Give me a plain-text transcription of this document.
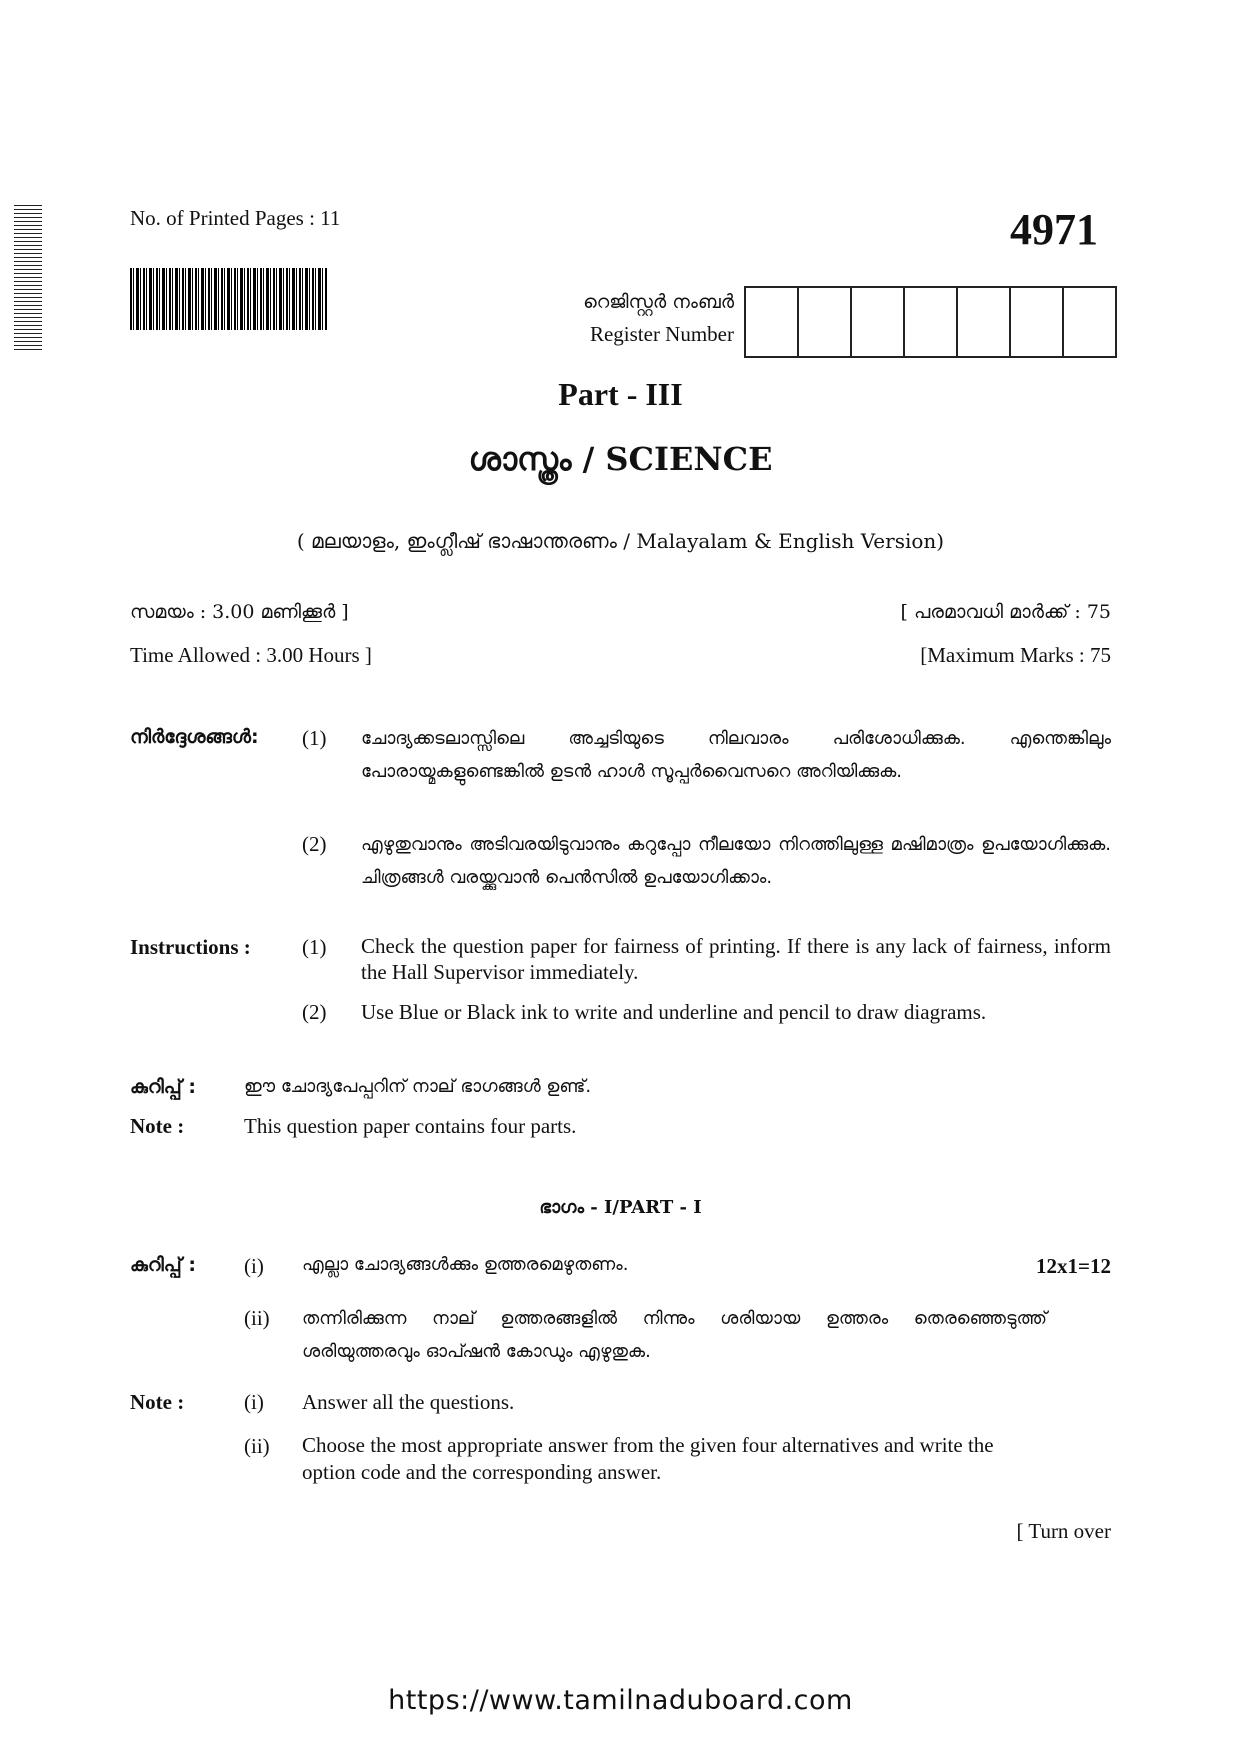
No. of Printed Pages : 11	4971
റെജിസ്റ്റർ നംബർ
Register Number
Part - III
ശാസ്ത്രം / SCIENCE
( മലയാളം, ഇംഗ്ലീഷ് ഭാഷാന്തരണം / Malayalam & English Version)
സമയം : 3.00 മണിക്കൂർ ]	[ പരമാവധി മാർക്ക് : 75
Time Allowed : 3.00 Hours ]	[Maximum Marks : 75
നിർദ്ദേശങ്ങൾ: (1) ചോദ്യക്കടലാസ്സിലെ അച്ചടിയുടെ നിലവാരം പരിശോധിക്കുക. എന്തെങ്കിലും പോരായ്മകളുണ്ടെങ്കിൽ ഉടൻ ഹാൾ സൂപ്പർവൈസറെ അറിയിക്കുക.
(2) എഴുതുവാനും അടിവരയിടുവാനും കറുപ്പോ നീലയോ നിറത്തിലുള്ള മഷിമാത്രം ഉപയോഗിക്കുക. ചിത്രങ്ങൾ വരയ്ക്കുവാൻ പെൻസിൽ ഉപയോഗിക്കാം.
Instructions : (1) Check the question paper for fairness of printing. If there is any lack of fairness, inform the Hall Supervisor immediately.
(2) Use Blue or Black ink to write and underline and pencil to draw diagrams.
കുറിപ്പ് :	ഈ ചോദ്യപേപ്പറിന് നാല് ഭാഗങ്ങൾ ഉണ്ട്.
Note :	This question paper contains four parts.
ഭാഗം - I/PART - I
കുറിപ്പ് : (i) എല്ലാ ചോദ്യങ്ങൾക്കും ഉത്തരമെഴുതണം.	12x1=12
(ii) തന്നിരിക്കുന്ന നാല് ഉത്തരങ്ങളിൽ നിന്നും ശരിയായ ഉത്തരം തെരഞ്ഞെടുത്ത് ശരിയുത്തരവും ഓപ്ഷൻ കോഡും എഴുതുക.
Note :	(i) Answer all the questions.
(ii) Choose the most appropriate answer from the given four alternatives and write the option code and the corresponding answer.
[ Turn over
https://www.tamilnaduboard.com
